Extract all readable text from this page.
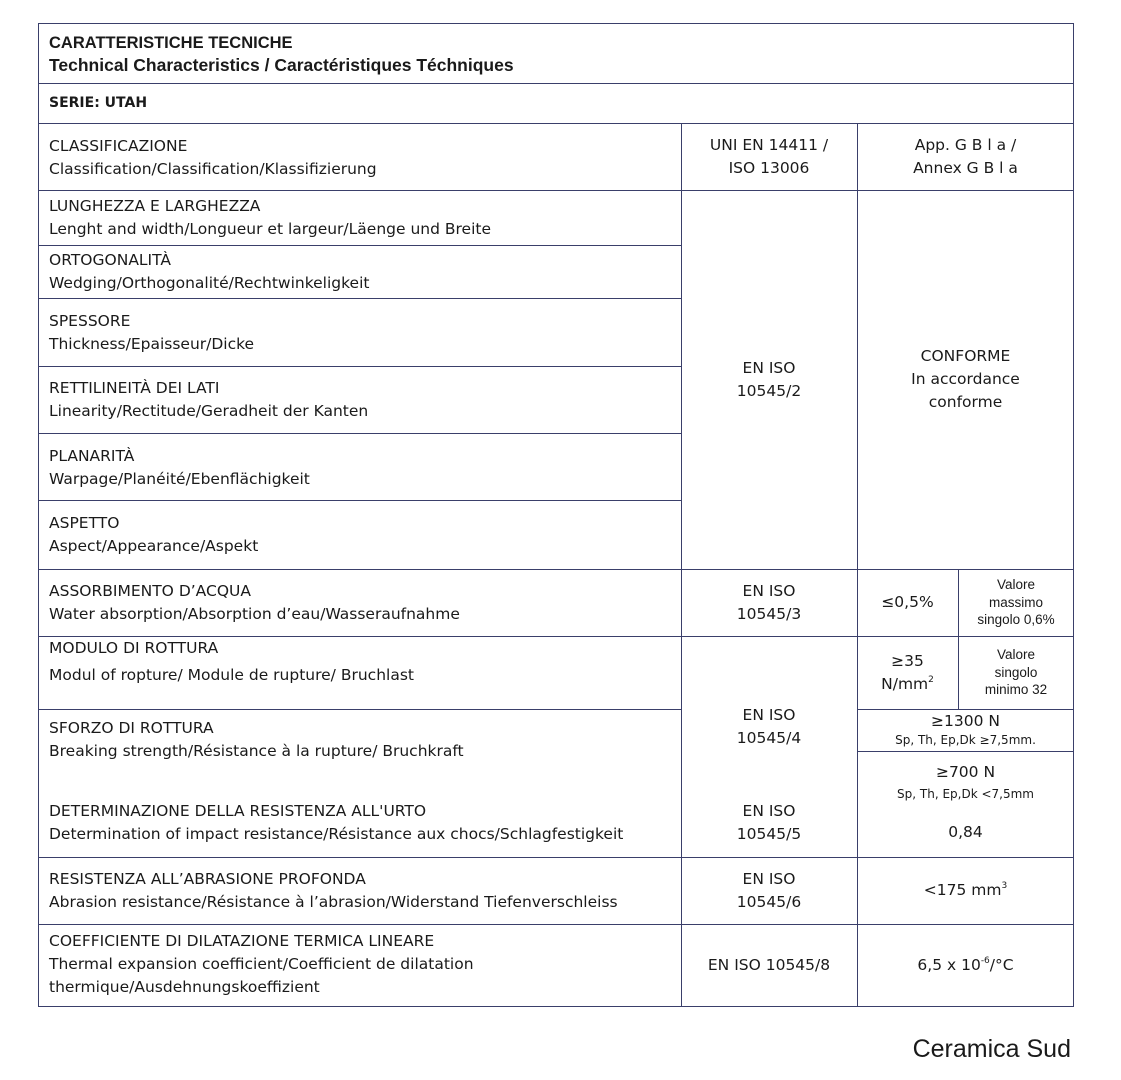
CARATTERISTICHE TECNICHE
Technical Characteristics / Caractéristiques Téchniques
SERIE: UTAH
CLASSIFICAZIONE
Classification/Classification/Klassifizierung
UNI EN 14411 /
ISO 13006
App. G B l a /
Annex G B l a
LUNGHEZZA E LARGHEZZA
Lenght and width/Longueur et largeur/Läenge und Breite
ORTOGONALITÀ
Wedging/Orthogonalité/Rechtwinkeligkeit
SPESSORE
Thickness/Epaisseur/Dicke
RETTILINEITÀ DEI LATI
Linearity/Rectitude/Geradheit der Kanten
PLANARITÀ
Warpage/Planéité/Ebenflächigkeit
ASPETTO
Aspect/Appearance/Aspekt
EN ISO
10545/2
CONFORME
In accordance
conforme
ASSORBIMENTO D’ACQUA
Water absorption/Absorption d’eau/Wasseraufnahme
EN ISO
10545/3
≤0,5%
Valore
massimo
singolo 0,6%
MODULO DI ROTTURA
Modul of ropture/ Module de rupture/ Bruchlast
≥35
$N/mm^2$
Valore
singolo
minimo 32
SFORZO DI ROTTURA
Breaking strength/Résistance à la rupture/ Bruchkraft
EN ISO
10545/4
≥1300 N
Sp, Th, Ep,Dk ≥7,5mm.
≥700 N
Sp, Th, Ep,Dk <7,5mm
DETERMINAZIONE DELLA RESISTENZA ALL'URTO
Determination of impact resistance/Résistance aux chocs/Schlagfestigkeit
EN ISO
10545/5	0,84
RESISTENZA ALL’ABRASIONE PROFONDA
Abrasion resistance/Résistance à l’abrasion/Widerstand Tiefenverschleiss
EN ISO
10545/6
<175 $mm^3$
COEFFICIENTE DI DILATAZIONE TERMICA LINEARE
Thermal expansion coefficient/Coefficient de dilatation
thermique/Ausdehnungskoeffizient
EN ISO 10545/8	6,5 x $10^{-6}/^\circ C$
Ceramica Sud
